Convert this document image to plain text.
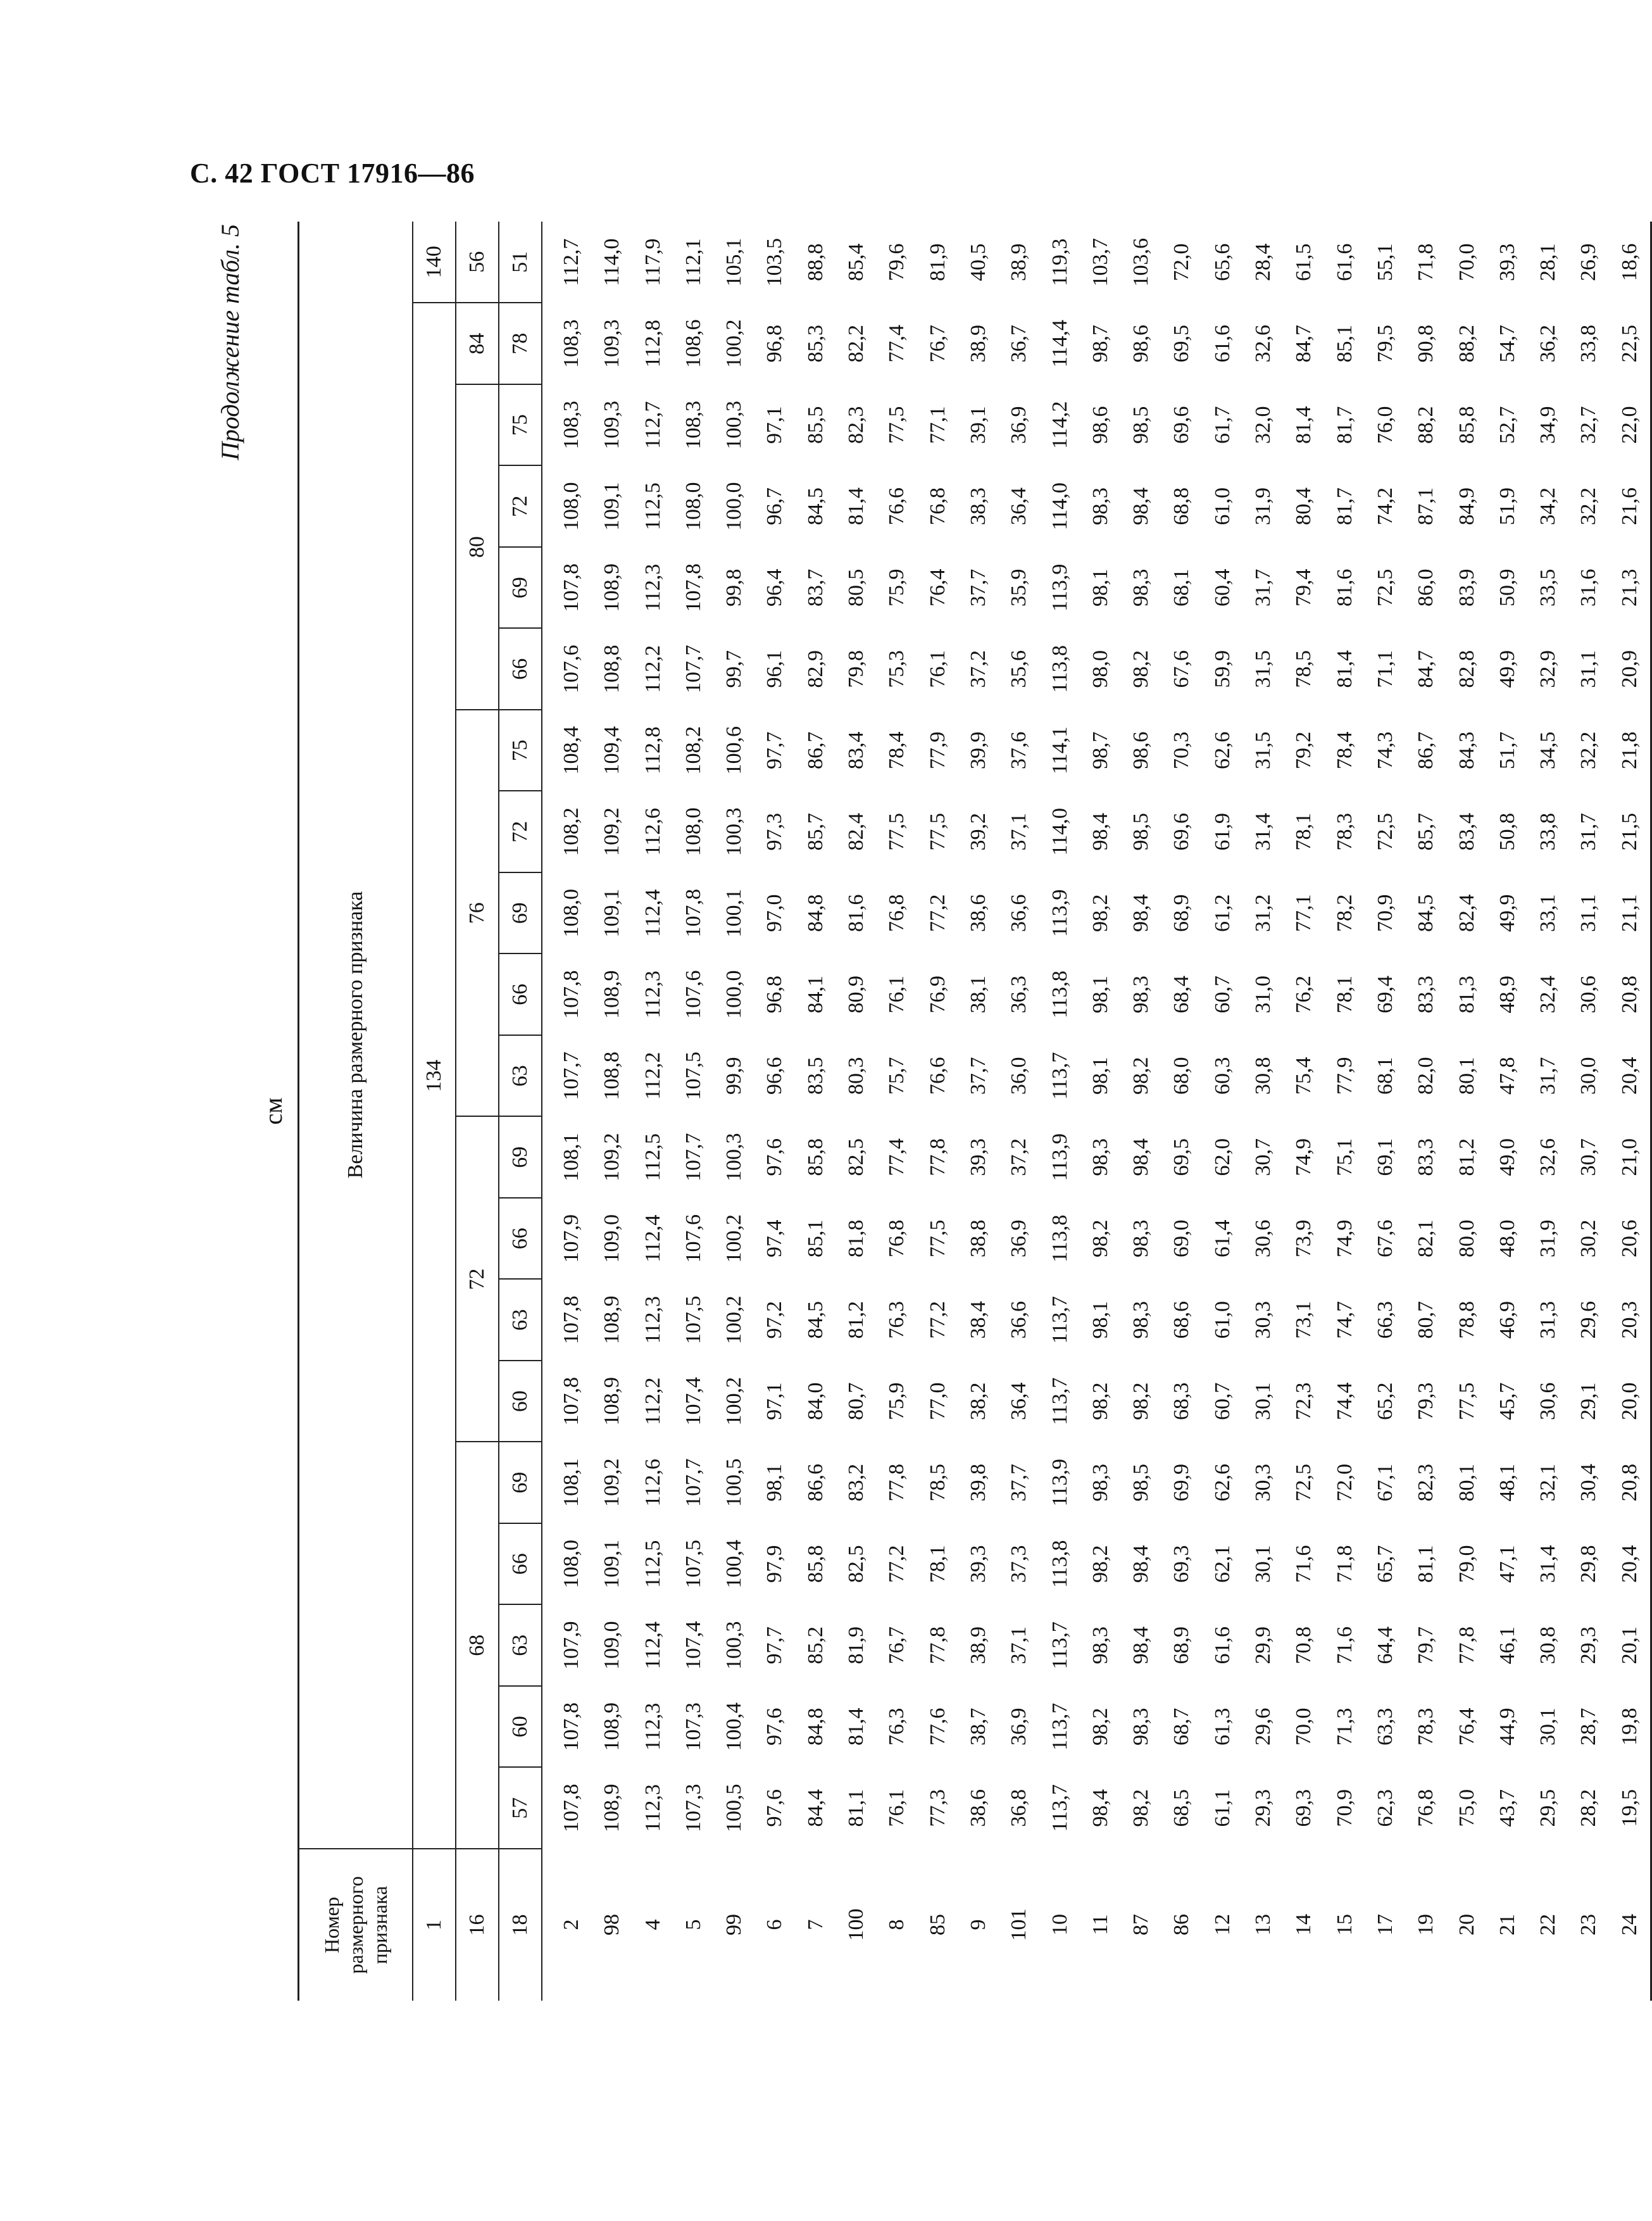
С. 42 ГОСТ 17916—86
Продолжение табл. 5
см
Номер размерного признака	Величина размерного признака																			
1	134																			140
16	68					72				76					80				84	56
18	57	60	63	66	69	60	63	66	69	63	66	69	72	75	66	69	72	75	78	51
2	107,8	107,8	107,9	108,0	108,1	107,8	107,8	107,9	108,1	107,7	107,8	108,0	108,2	108,4	107,6	107,8	108,0	108,3	108,3	112,7
98	108,9	108,9	109,0	109,1	109,2	108,9	108,9	109,0	109,2	108,8	108,9	109,1	109,2	109,4	108,8	108,9	109,1	109,3	109,3	114,0
4	112,3	112,3	112,4	112,5	112,6	112,2	112,3	112,4	112,5	112,2	112,3	112,4	112,6	112,8	112,2	112,3	112,5	112,7	112,8	117,9
5	107,3	107,3	107,4	107,5	107,7	107,4	107,5	107,6	107,7	107,5	107,6	107,8	108,0	108,2	107,7	107,8	108,0	108,3	108,6	112,1
99	100,5	100,4	100,3	100,4	100,5	100,2	100,2	100,2	100,3	99,9	100,0	100,1	100,3	100,6	99,7	99,8	100,0	100,3	100,2	105,1
6	97,6	97,6	97,7	97,9	98,1	97,1	97,2	97,4	97,6	96,6	96,8	97,0	97,3	97,7	96,1	96,4	96,7	97,1	96,8	103,5
7	84,4	84,8	85,2	85,8	86,6	84,0	84,5	85,1	85,8	83,5	84,1	84,8	85,7	86,7	82,9	83,7	84,5	85,5	85,3	88,8
100	81,1	81,4	81,9	82,5	83,2	80,7	81,2	81,8	82,5	80,3	80,9	81,6	82,4	83,4	79,8	80,5	81,4	82,3	82,2	85,4
8	76,1	76,3	76,7	77,2	77,8	75,9	76,3	76,8	77,4	75,7	76,1	76,8	77,5	78,4	75,3	75,9	76,6	77,5	77,4	79,6
85	77,3	77,6	77,8	78,1	78,5	77,0	77,2	77,5	77,8	76,6	76,9	77,2	77,5	77,9	76,1	76,4	76,8	77,1	76,7	81,9
9	38,6	38,7	38,9	39,3	39,8	38,2	38,4	38,8	39,3	37,7	38,1	38,6	39,2	39,9	37,2	37,7	38,3	39,1	38,9	40,5
101	36,8	36,9	37,1	37,3	37,7	36,4	36,6	36,9	37,2	36,0	36,3	36,6	37,1	37,6	35,6	35,9	36,4	36,9	36,7	38,9
10	113,7	113,7	113,7	113,8	113,9	113,7	113,7	113,8	113,9	113,7	113,8	113,9	114,0	114,1	113,8	113,9	114,0	114,2	114,4	119,3
11	98,4	98,2	98,3	98,2	98,3	98,2	98,1	98,2	98,3	98,1	98,1	98,2	98,4	98,7	98,0	98,1	98,3	98,6	98,7	103,7
87	98,2	98,3	98,4	98,4	98,5	98,2	98,3	98,3	98,4	98,2	98,3	98,4	98,5	98,6	98,2	98,3	98,4	98,5	98,6	103,6
86	68,5	68,7	68,9	69,3	69,9	68,3	68,6	69,0	69,5	68,0	68,4	68,9	69,6	70,3	67,6	68,1	68,8	69,6	69,5	72,0
12	61,1	61,3	61,6	62,1	62,6	60,7	61,0	61,4	62,0	60,3	60,7	61,2	61,9	62,6	59,9	60,4	61,0	61,7	61,6	65,6
13	29,3	29,6	29,9	30,1	30,3	30,1	30,3	30,6	30,7	30,8	31,0	31,2	31,4	31,5	31,5	31,7	31,9	32,0	32,6	28,4
14	69,3	70,0	70,8	71,6	72,5	72,3	73,1	73,9	74,9	75,4	76,2	77,1	78,1	79,2	78,5	79,4	80,4	81,4	84,7	61,5
15	70,9	71,3	71,6	71,8	72,0	74,4	74,7	74,9	75,1	77,9	78,1	78,2	78,3	78,4	81,4	81,6	81,7	81,7	85,1	61,6
17	62,3	63,3	64,4	65,7	67,1	65,2	66,3	67,6	69,1	68,1	69,4	70,9	72,5	74,3	71,1	72,5	74,2	76,0	79,5	55,1
19	76,8	78,3	79,7	81,1	82,3	79,3	80,7	82,1	83,3	82,0	83,3	84,5	85,7	86,7	84,7	86,0	87,1	88,2	90,8	71,8
20	75,0	76,4	77,8	79,0	80,1	77,5	78,8	80,0	81,2	80,1	81,3	82,4	83,4	84,3	82,8	83,9	84,9	85,8	88,2	70,0
21	43,7	44,9	46,1	47,1	48,1	45,7	46,9	48,0	49,0	47,8	48,9	49,9	50,8	51,7	49,9	50,9	51,9	52,7	54,7	39,3
22	29,5	30,1	30,8	31,4	32,1	30,6	31,3	31,9	32,6	31,7	32,4	33,1	33,8	34,5	32,9	33,5	34,2	34,9	36,2	28,1
23	28,2	28,7	29,3	29,8	30,4	29,1	29,6	30,2	30,7	30,0	30,6	31,1	31,7	32,2	31,1	31,6	32,2	32,7	33,8	26,9
24	19,5	19,8	20,1	20,4	20,8	20,0	20,3	20,6	21,0	20,4	20,8	21,1	21,5	21,8	20,9	21,3	21,6	22,0	22,5	18,6
